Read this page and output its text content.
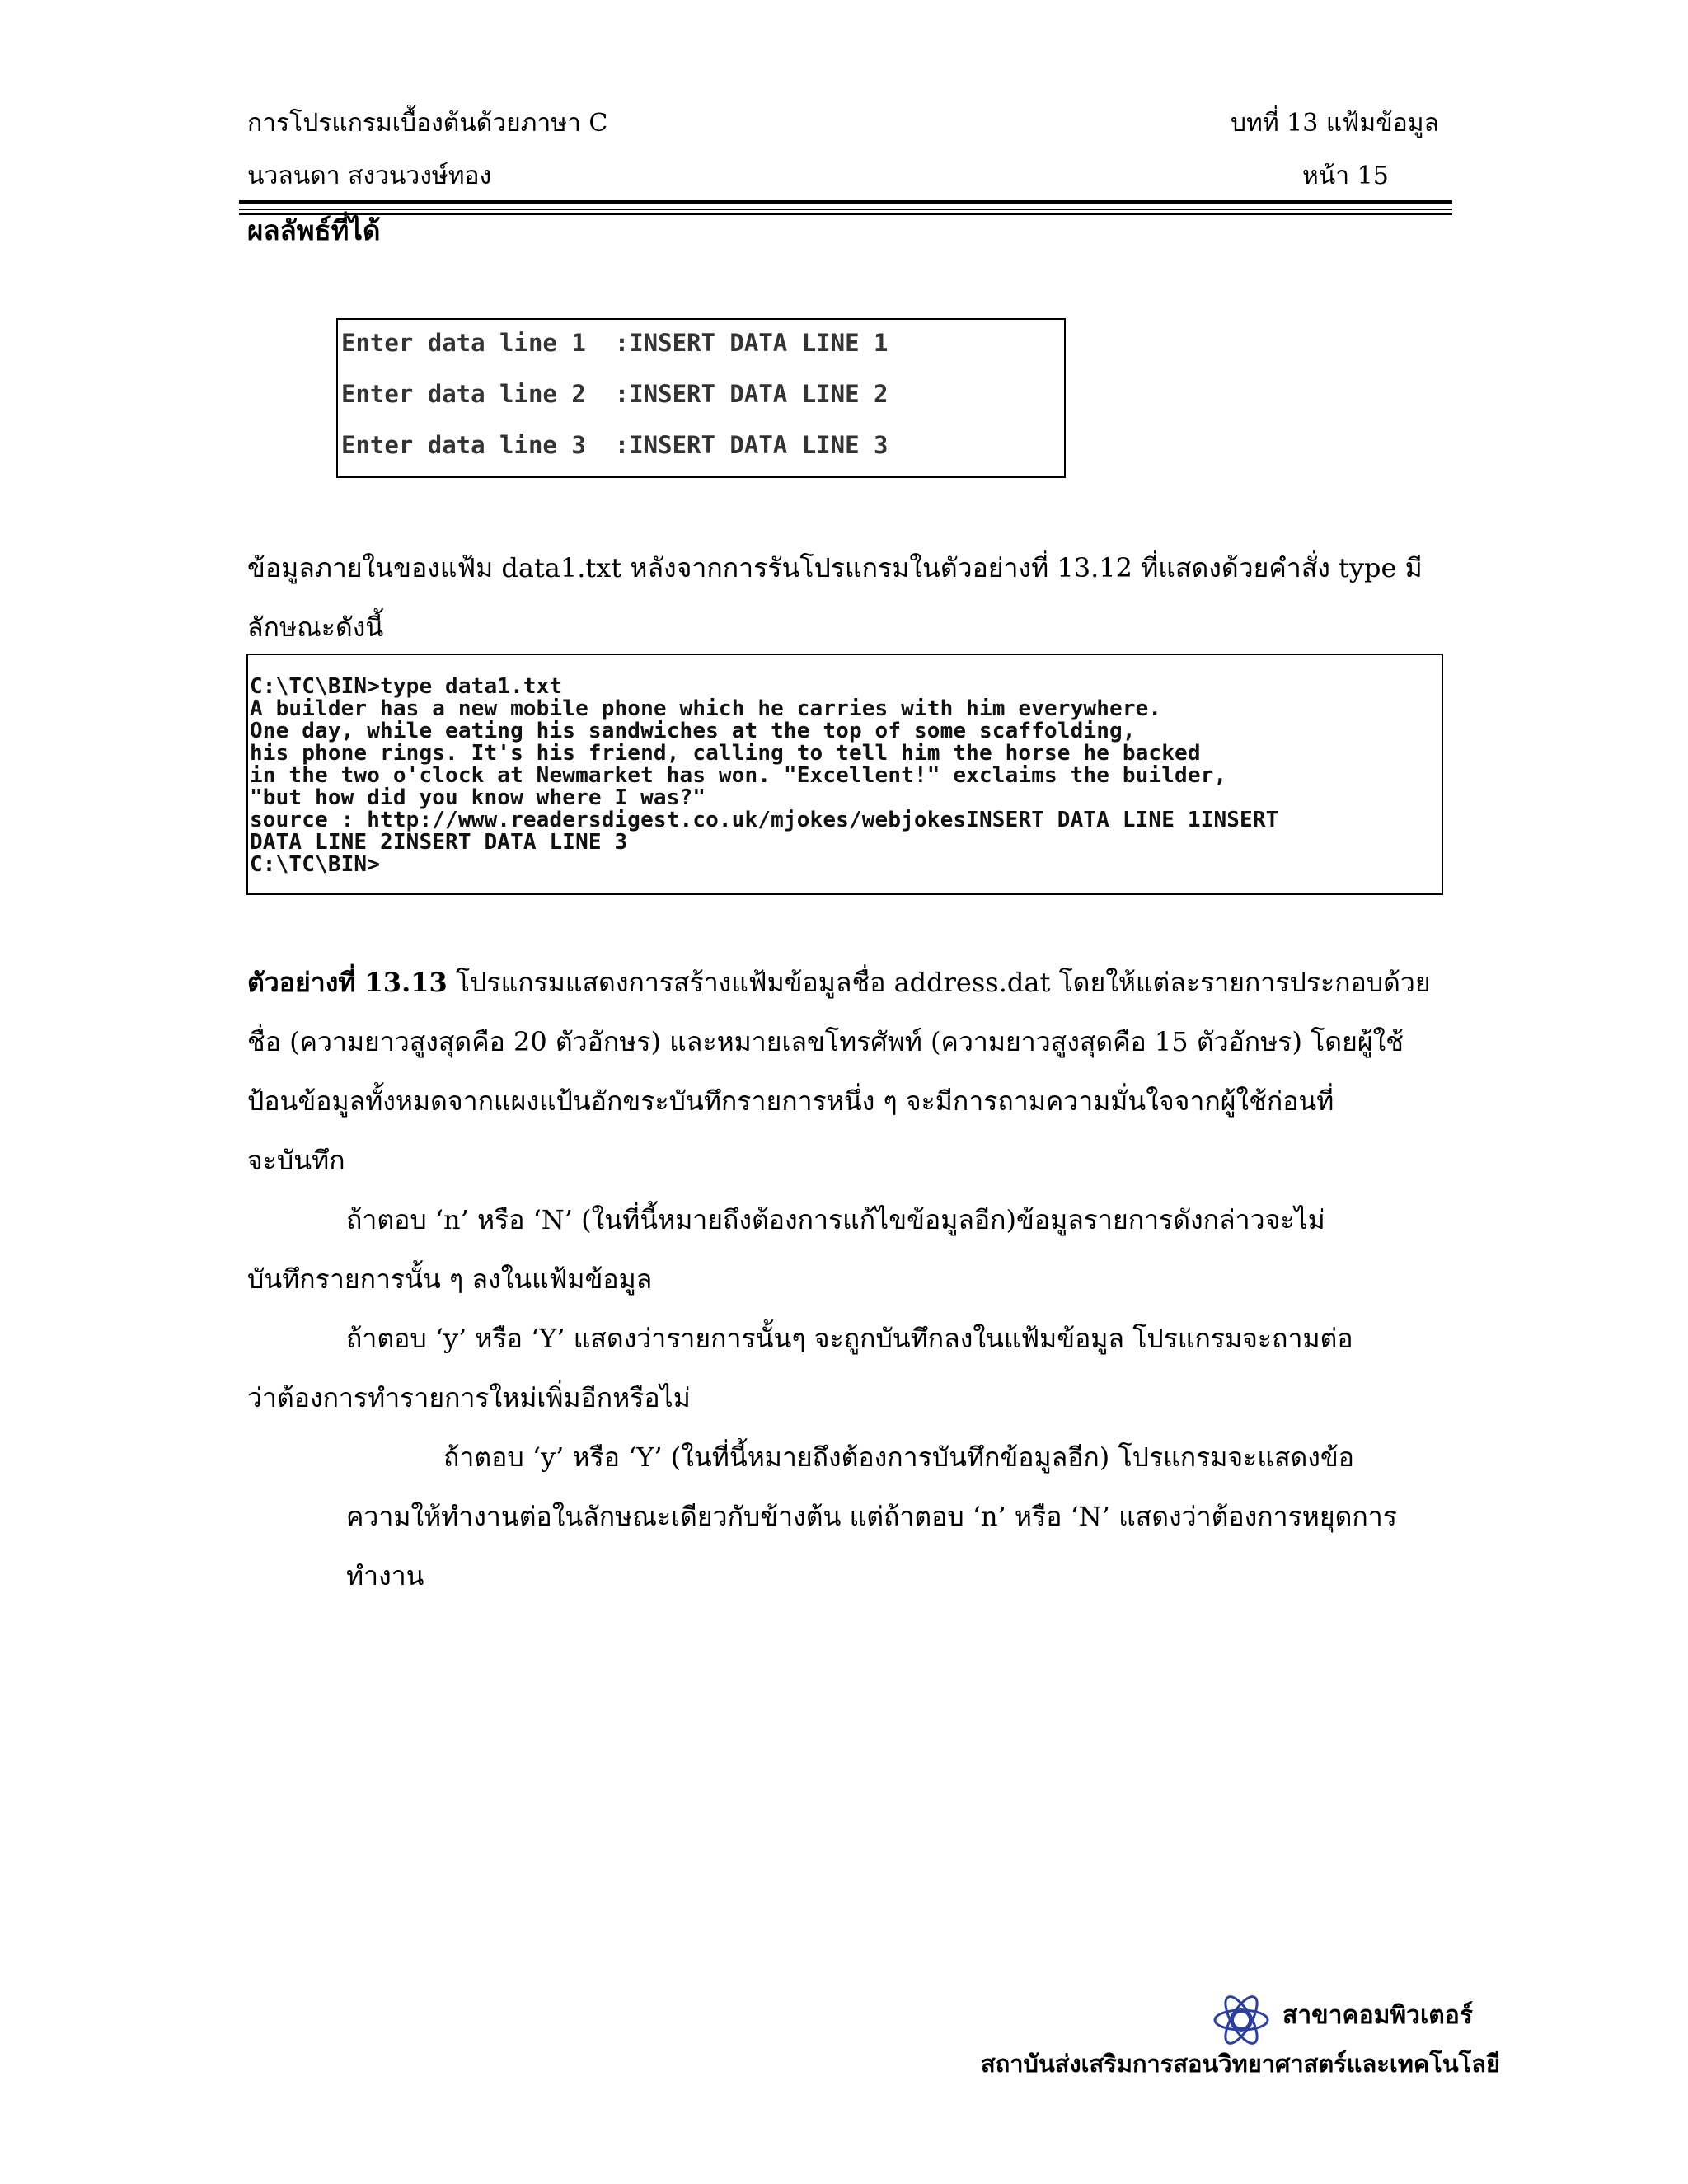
การโปรแกรมเบื้องต้นด้วยภาษา C	บทที่ 13 แฟ้มข้อมูล
นวลนดา สงวนวงษ์ทอง	หน้า 15
ผลลัพธ์ที่ได้
Enter data line 1  :INSERT DATA LINE 1
Enter data line 2  :INSERT DATA LINE 2
Enter data line 3  :INSERT DATA LINE 3
ข้อมูลภายในของแฟ้ม data1.txt หลังจากการรันโปรแกรมในตัวอย่างที่ 13.12 ที่แสดงด้วยคำสั่ง type มี
ลักษณะดังนี้
C:\TC\BIN>type data1.txt
A builder has a new mobile phone which he carries with him everywhere.
One day, while eating his sandwiches at the top of some scaffolding,
his phone rings. It's his friend, calling to tell him the horse he backed
in the two o'clock at Newmarket has won. "Excellent!" exclaims the builder,
"but how did you know where I was?"
source : http://www.readersdigest.co.uk/mjokes/webjokesINSERT DATA LINE 1INSERT
DATA LINE 2INSERT DATA LINE 3
C:\TC\BIN>
ตัวอย่างที่ 13.13 โปรแกรมแสดงการสร้างแฟ้มข้อมูลชื่อ address.dat โดยให้แต่ละรายการประกอบด้วย
ชื่อ (ความยาวสูงสุดคือ 20 ตัวอักษร) และหมายเลขโทรศัพท์ (ความยาวสูงสุดคือ 15 ตัวอักษร) โดยผู้ใช้
ป้อนข้อมูลทั้งหมดจากแผงแป้นอักขระบันทึกรายการหนึ่ง ๆ จะมีการถามความมั่นใจจากผู้ใช้ก่อนที่
จะบันทึก
ถ้าตอบ ‘n’ หรือ ‘N’ (ในที่นี้หมายถึงต้องการแก้ไขข้อมูลอีก)ข้อมูลรายการดังกล่าวจะไม่
บันทึกรายการนั้น ๆ ลงในแฟ้มข้อมูล
ถ้าตอบ ‘y’ หรือ ‘Y’ แสดงว่ารายการนั้นๆ จะถูกบันทึกลงในแฟ้มข้อมูล โปรแกรมจะถามต่อ
ว่าต้องการทำรายการใหม่เพิ่มอีกหรือไม่
ถ้าตอบ ‘y’ หรือ ‘Y’ (ในที่นี้หมายถึงต้องการบันทึกข้อมูลอีก) โปรแกรมจะแสดงข้อ
ความให้ทำงานต่อในลักษณะเดียวกับข้างต้น แต่ถ้าตอบ ‘n’ หรือ ‘N’ แสดงว่าต้องการหยุดการ
ทำงาน
สาขาคอมพิวเตอร์
สถาบันส่งเสริมการสอนวิทยาศาสตร์และเทคโนโลยี
